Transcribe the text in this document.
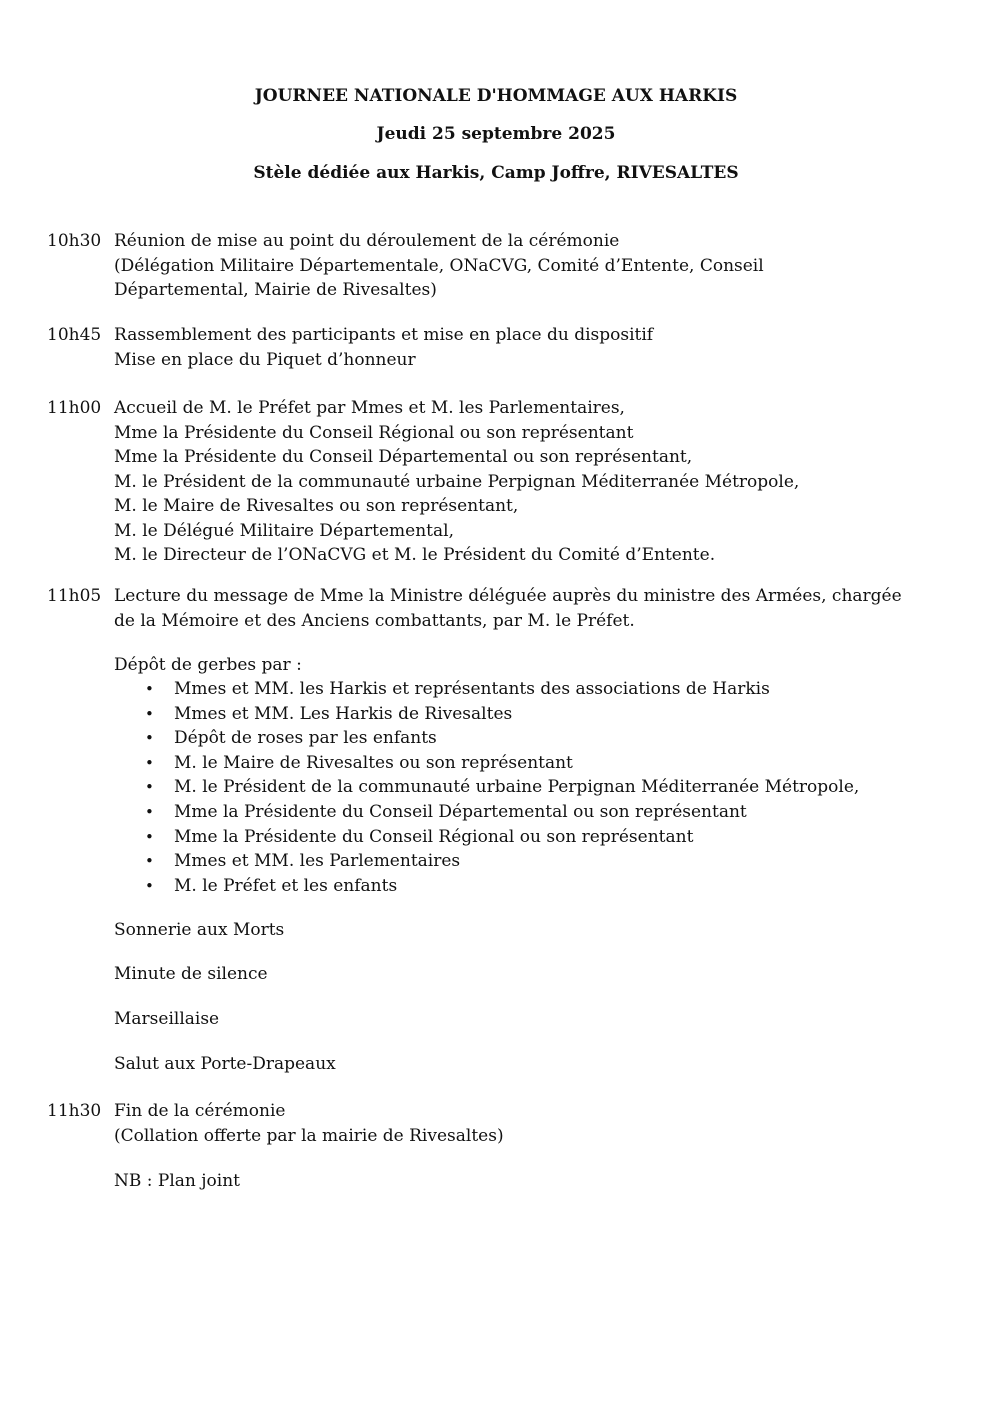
JOURNEE NATIONALE D'HOMMAGE AUX HARKIS
Jeudi 25 septembre 2025
Stèle dédiée aux Harkis, Camp Joffre, RIVESALTES
10h30 Réunion de mise au point du déroulement de la cérémonie
(Délégation Militaire Départementale, ONaCVG, Comité d’Entente, Conseil
Départemental, Mairie de Rivesaltes)
10h45 Rassemblement des participants et mise en place du dispositif
Mise en place du Piquet d’honneur
11h00 Accueil de M. le Préfet par Mmes et M. les Parlementaires,
Mme la Présidente du Conseil Régional ou son représentant
Mme la Présidente du Conseil Départemental ou son représentant,
M. le Président de la communauté urbaine Perpignan Méditerranée Métropole,
M. le Maire de Rivesaltes ou son représentant,
M. le Délégué Militaire Départemental,
M. le Directeur de l’ONaCVG et M. le Président du Comité d’Entente.
11h05 Lecture du message de Mme la Ministre déléguée auprès du ministre des Armées, chargée
de la Mémoire et des Anciens combattants, par M. le Préfet.
Dépôt de gerbes par :
• Mmes et MM. les Harkis et représentants des associations de Harkis
• Mmes et MM. Les Harkis de Rivesaltes
• Dépôt de roses par les enfants
• M. le Maire de Rivesaltes ou son représentant
• M. le Président de la communauté urbaine Perpignan Méditerranée Métropole,
• Mme la Présidente du Conseil Départemental ou son représentant
• Mme la Présidente du Conseil Régional ou son représentant
• Mmes et MM. les Parlementaires
• M. le Préfet et les enfants
Sonnerie aux Morts
Minute de silence
Marseillaise
Salut aux Porte-Drapeaux
11h30 Fin de la cérémonie
(Collation offerte par la mairie de Rivesaltes)
NB : Plan joint
